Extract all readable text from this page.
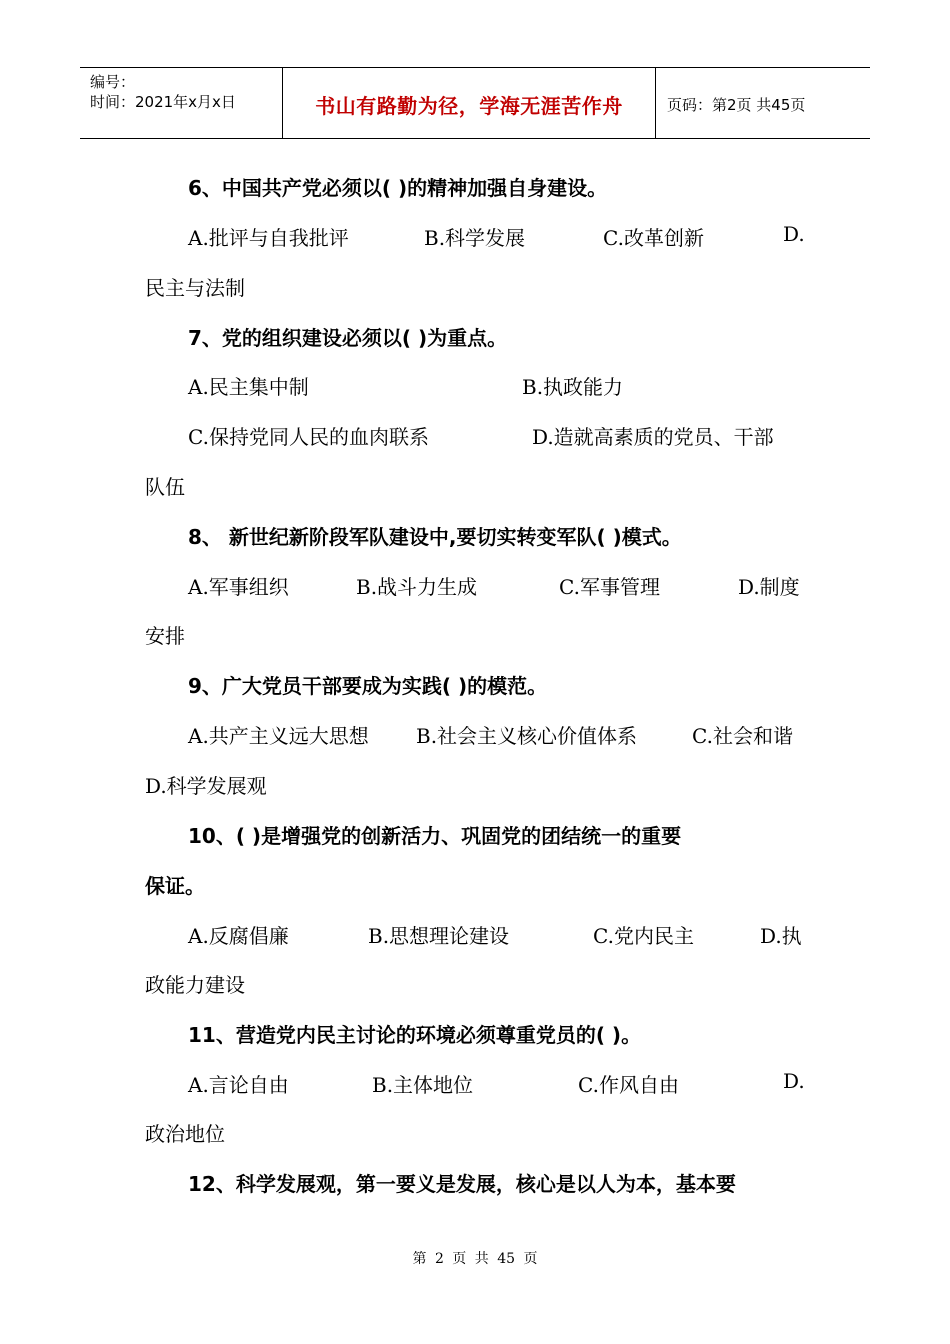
编号：
时间：2021年x月x日	书山有路勤为径，学海无涯苦作舟	页码：第2页 共45页
6、中国共产党必须以( )的精神加强自身建设。
A.批评与自我批评	B.科学发展	C.改革创新	D.
民主与法制
7、党的组织建设必须以( )为重点。
A.民主集中制	B.执政能力
C.保持党同人民的血肉联系	D.造就高素质的党员、干部
队伍
8、 新世纪新阶段军队建设中,要切实转变军队( )模式。
A.军事组织	B.战斗力生成	C.军事管理	D.制度
安排
9、广大党员干部要成为实践( )的模范。
A.共产主义远大思想 B.社会主义核心价值体系	C.社会和谐
D.科学发展观
10、( )是增强党的创新活力、巩固党的团结统一的重要
保证。
A.反腐倡廉	B.思想理论建设	C.党内民主	D.执
政能力建设
11、营造党内民主讨论的环境必须尊重党员的( )。
A.言论自由	B.主体地位	C.作风自由	D.
政治地位
12、科学发展观，第一要义是发展，核心是以人为本，基本要
第 2 页 共 45 页
